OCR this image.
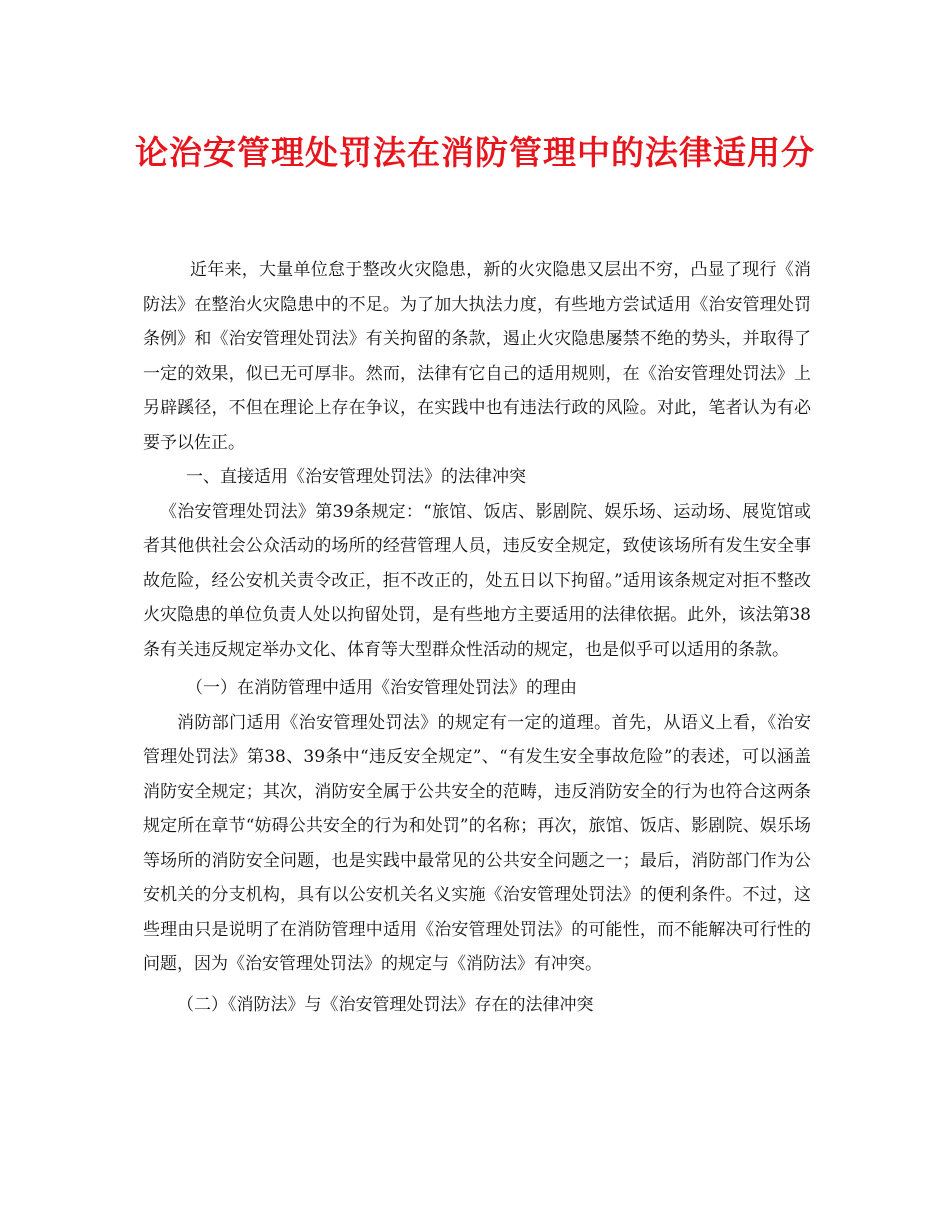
论治安管理处罚法在消防管理中的法律适用分

近年来，大量单位怠于整改火灾隐患，新的火灾隐患又层出不穷，凸显了现行《消防法》在整治火灾隐患中的不足。为了加大执法力度，有些地方尝试适用《治安管理处罚条例》和《治安管理处罚法》有关拘留的条款，遏止火灾隐患屡禁不绝的势头，并取得了一定的效果，似已无可厚非。然而，法律有它自己的适用规则，在《治安管理处罚法》上另辟蹊径，不但在理论上存在争议，在实践中也有违法行政的风险。对此，笔者认为有必要予以佐正。

一、直接适用《治安管理处罚法》的法律冲突

《治安管理处罚法》第39条规定：“旅馆、饭店、影剧院、娱乐场、运动场、展览馆或者其他供社会公众活动的场所的经营管理人员，违反安全规定，致使该场所有发生安全事故危险，经公安机关责令改正，拒不改正的，处五日以下拘留。”适用该条规定对拒不整改火灾隐患的单位负责人处以拘留处罚，是有些地方主要适用的法律依据。此外，该法第38条有关违反规定举办文化、体育等大型群众性活动的规定，也是似乎可以适用的条款。

（一）在消防管理中适用《治安管理处罚法》的理由

消防部门适用《治安管理处罚法》的规定有一定的道理。首先，从语义上看，《治安管理处罚法》第38、39条中“违反安全规定”、“有发生安全事故危险”的表述，可以涵盖消防安全规定；其次，消防安全属于公共安全的范畴，违反消防安全的行为也符合这两条规定所在章节“妨碍公共安全的行为和处罚”的名称；再次，旅馆、饭店、影剧院、娱乐场等场所的消防安全问题，也是实践中最常见的公共安全问题之一；最后，消防部门作为公安机关的分支机构，具有以公安机关名义实施《治安管理处罚法》的便利条件。不过，这些理由只是说明了在消防管理中适用《治安管理处罚法》的可能性，而不能解决可行性的问题，因为《治安管理处罚法》的规定与《消防法》有冲突。

（二）《消防法》与《治安管理处罚法》存在的法律冲突
